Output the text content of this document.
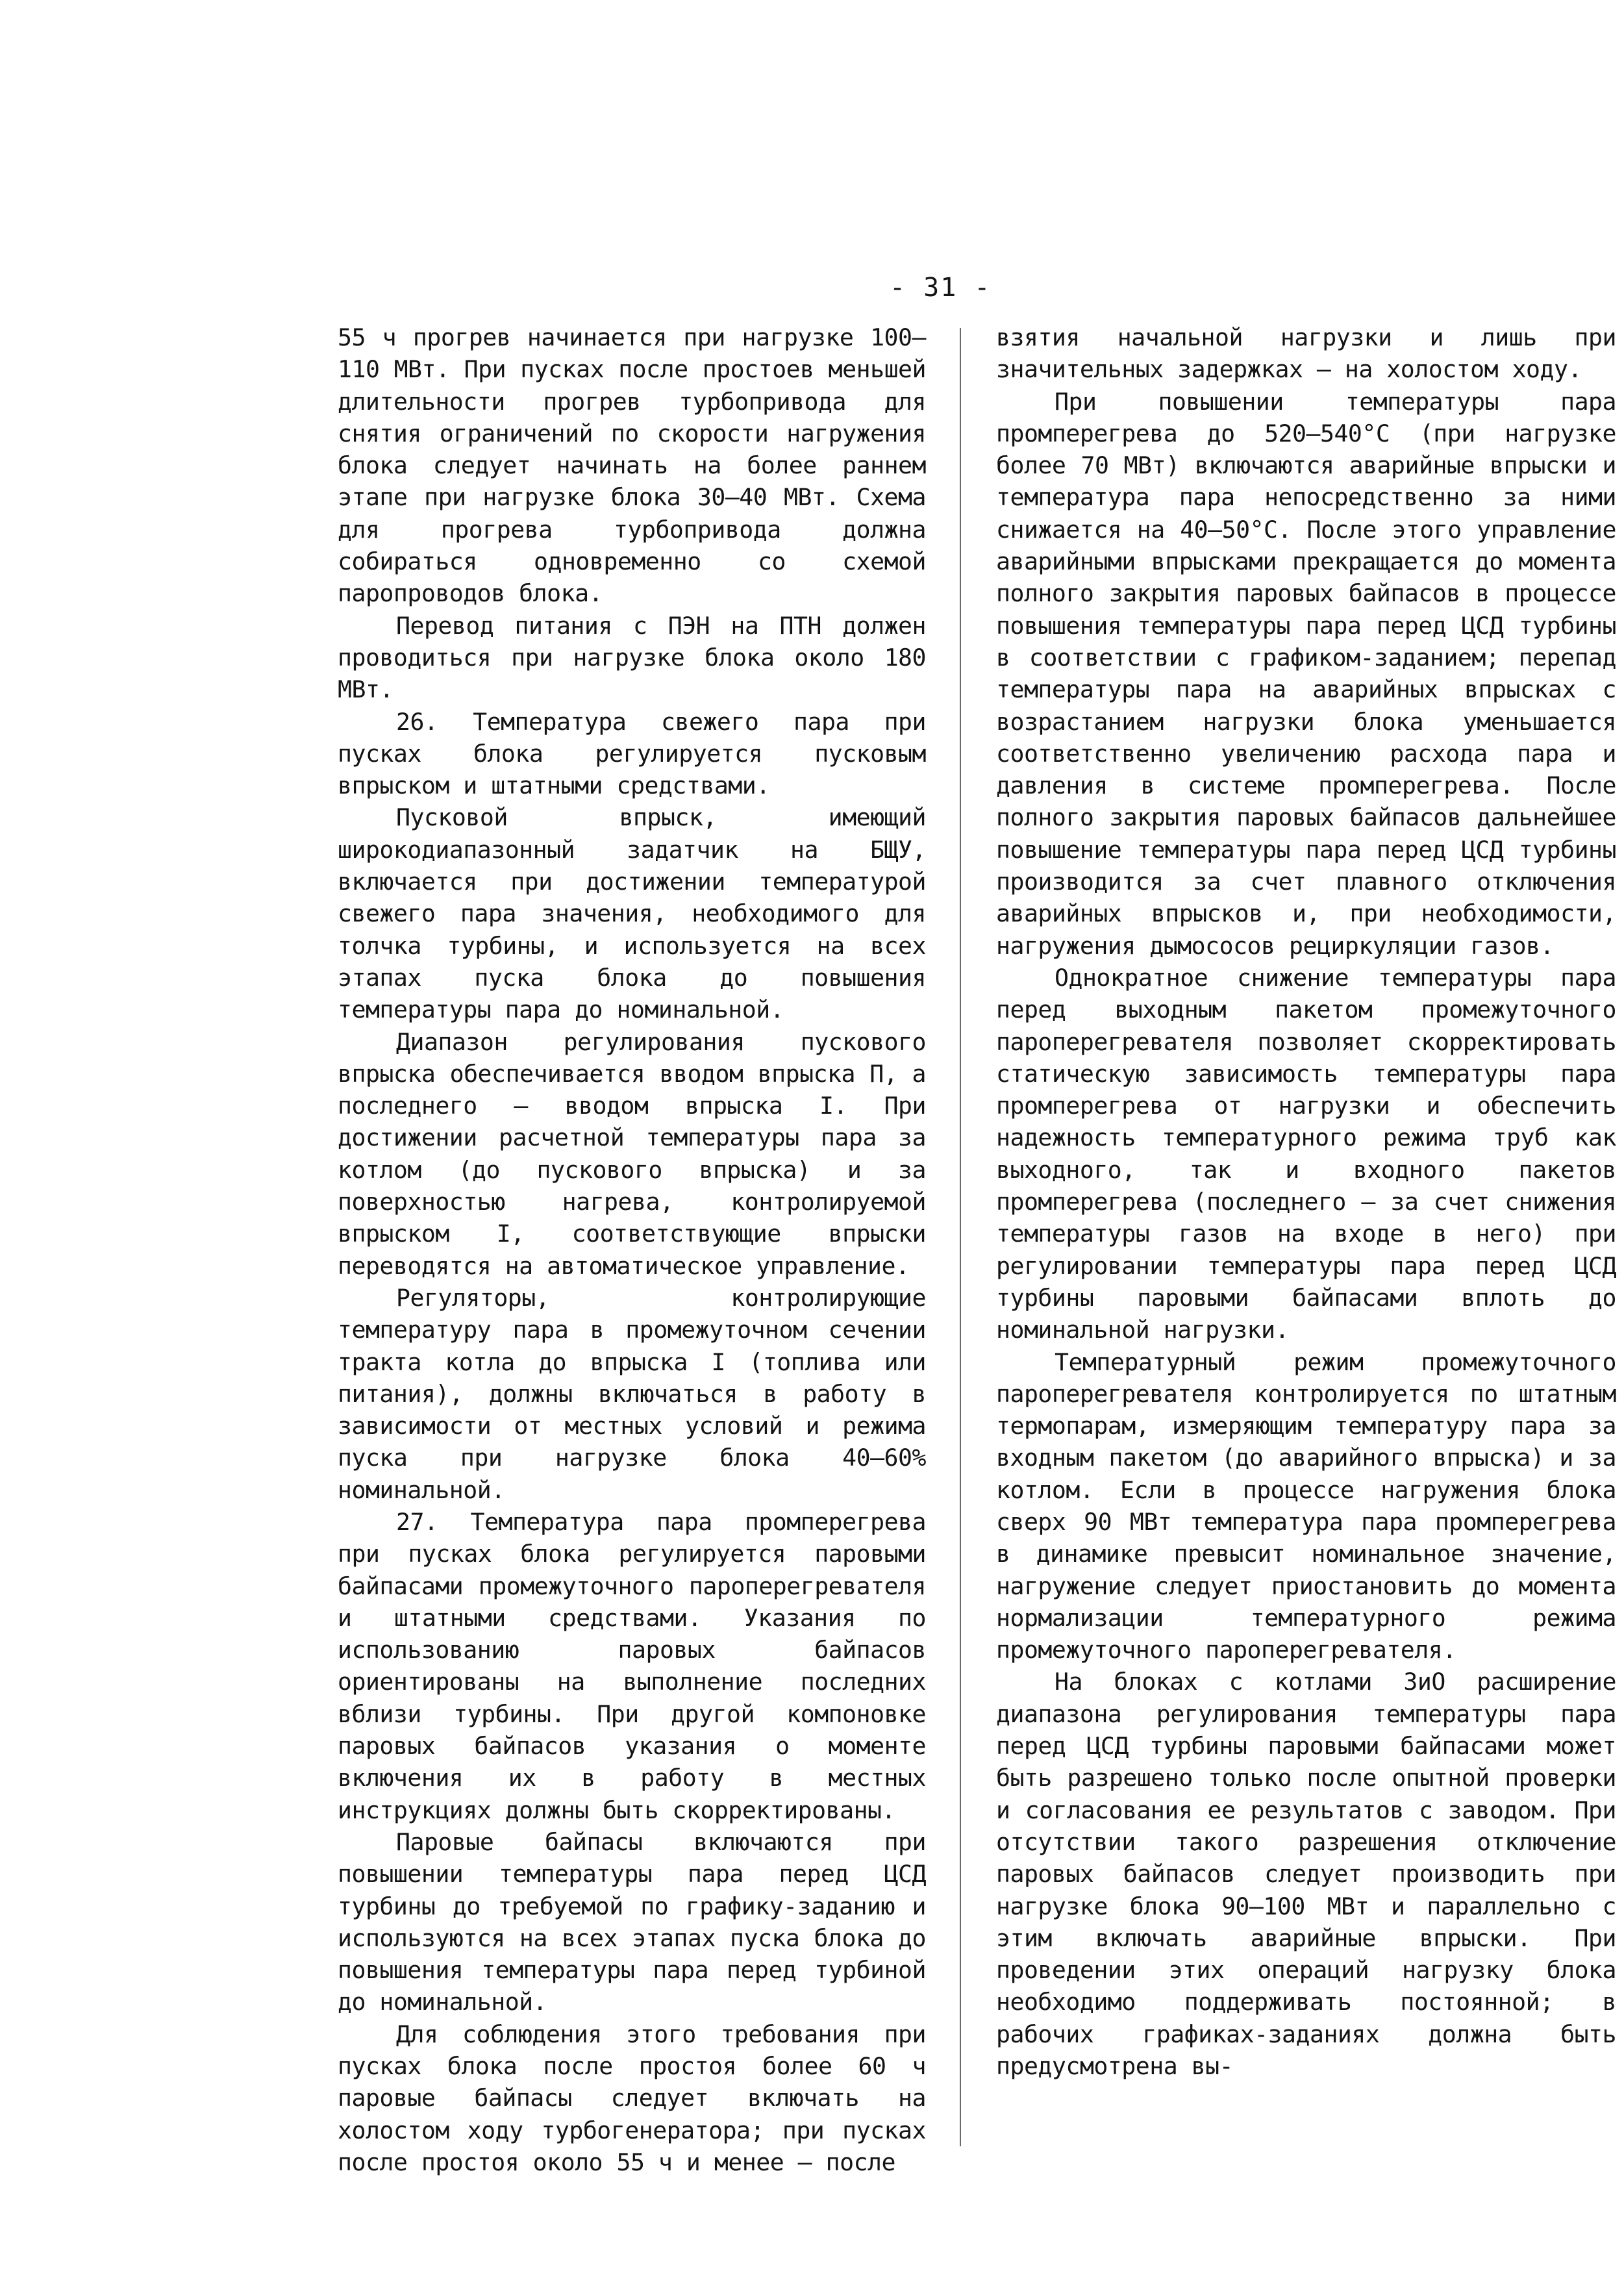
- 31 -

55 ч прогрев начинается при нагрузке 100–110 МВт. При пусках после простоев меньшей длительности прогрев турбопривода для снятия ограничений по скорости нагружения блока следует начинать на более раннем этапе при нагрузке блока 30–40 МВт. Схема для прогрева турбопривода должна собираться одновременно со схемой паропроводов блока.

Перевод питания с ПЭН на ПТН должен проводиться при нагрузке блока около 180 МВт.

26. Температура свежего пара при пусках блока регулируется пусковым впрыском и штатными средствами.

Пусковой впрыск, имеющий широкодиапазонный задатчик на БЩУ, включается при достижении температурой свежего пара значения, необходимого для толчка турбины, и используется на всех этапах пуска блока до повышения температуры пара до номинальной.

Диапазон регулирования пускового впрыска обеспечивается вводом впрыска П, а последнего — вводом впрыска I. При достижении расчетной температуры пара за котлом (до пускового впрыска) и за поверхностью нагрева, контролируемой впрыском I, соответствующие впрыски переводятся на автоматическое управление.

Регуляторы, контролирующие температуру пара в промежуточном сечении тракта котла до впрыска I (топлива или питания), должны включаться в работу в зависимости от местных условий и режима пуска при нагрузке блока 40–60% номинальной.

27. Температура пара промперегрева при пусках блока регулируется паровыми байпасами промежуточного пароперегревателя и штатными средствами. Указания по использованию паровых байпасов ориентированы на выполнение последних вблизи турбины. При другой компоновке паровых байпасов указания о моменте включения их в работу в местных инструкциях должны быть скорректированы.

Паровые байпасы включаются при повышении температуры пара перед ЦСД турбины до требуемой по графику-заданию и используются на всех этапах пуска блока до повышения температуры пара перед турбиной до номинальной.

Для соблюдения этого требования при пусках блока после простоя более 60 ч паровые байпасы следует включать на холостом ходу турбогенератора; при пусках после простоя около 55 ч и менее — после

взятия начальной нагрузки и лишь при значительных задержках — на холостом ходу.

При повышении температуры пара промперегрева до 520–540°С (при нагрузке более 70 МВт) включаются аварийные впрыски и температура пара непосредственно за ними снижается на 40–50°С. После этого управление аварийными впрысками прекращается до момента полного закрытия паровых байпасов в процессе повышения температуры пара перед ЦСД турбины в соответствии с графиком-заданием; перепад температуры пара на аварийных впрысках с возрастанием нагрузки блока уменьшается соответственно увеличению расхода пара и давления в системе промперегрева. После полного закрытия паровых байпасов дальнейшее повышение температуры пара перед ЦСД турбины производится за счет плавного отключения аварийных впрысков и, при необходимости, нагружения дымососов рециркуляции газов.

Однократное снижение температуры пара перед выходным пакетом промежуточного пароперегревателя позволяет скорректировать статическую зависимость температуры пара промперегрева от нагрузки и обеспечить надежность температурного режима труб как выходного, так и входного пакетов промперегрева (последнего — за счет снижения температуры газов на входе в него) при регулировании температуры пара перед ЦСД турбины паровыми байпасами вплоть до номинальной нагрузки.

Температурный режим промежуточного пароперегревателя контролируется по штатным термопарам, измеряющим температуру пара за входным пакетом (до аварийного впрыска) и за котлом. Если в процессе нагружения блока сверх 90 МВт температура пара промперегрева в динамике превысит номинальное значение, нагружение следует приостановить до момента нормализации температурного режима промежуточного пароперегревателя.

На блоках с котлами ЗиО расширение диапазона регулирования температуры пара перед ЦСД турбины паровыми байпасами может быть разрешено только после опытной проверки и согласования ее результатов с заводом. При отсутствии такого разрешения отключение паровых байпасов следует производить при нагрузке блока 90–100 МВт и параллельно с этим включать аварийные впрыски. При проведении этих операций нагрузку блока необходимо поддерживать постоянной; в рабочих графиках-заданиях должна быть предусмотрена вы-
